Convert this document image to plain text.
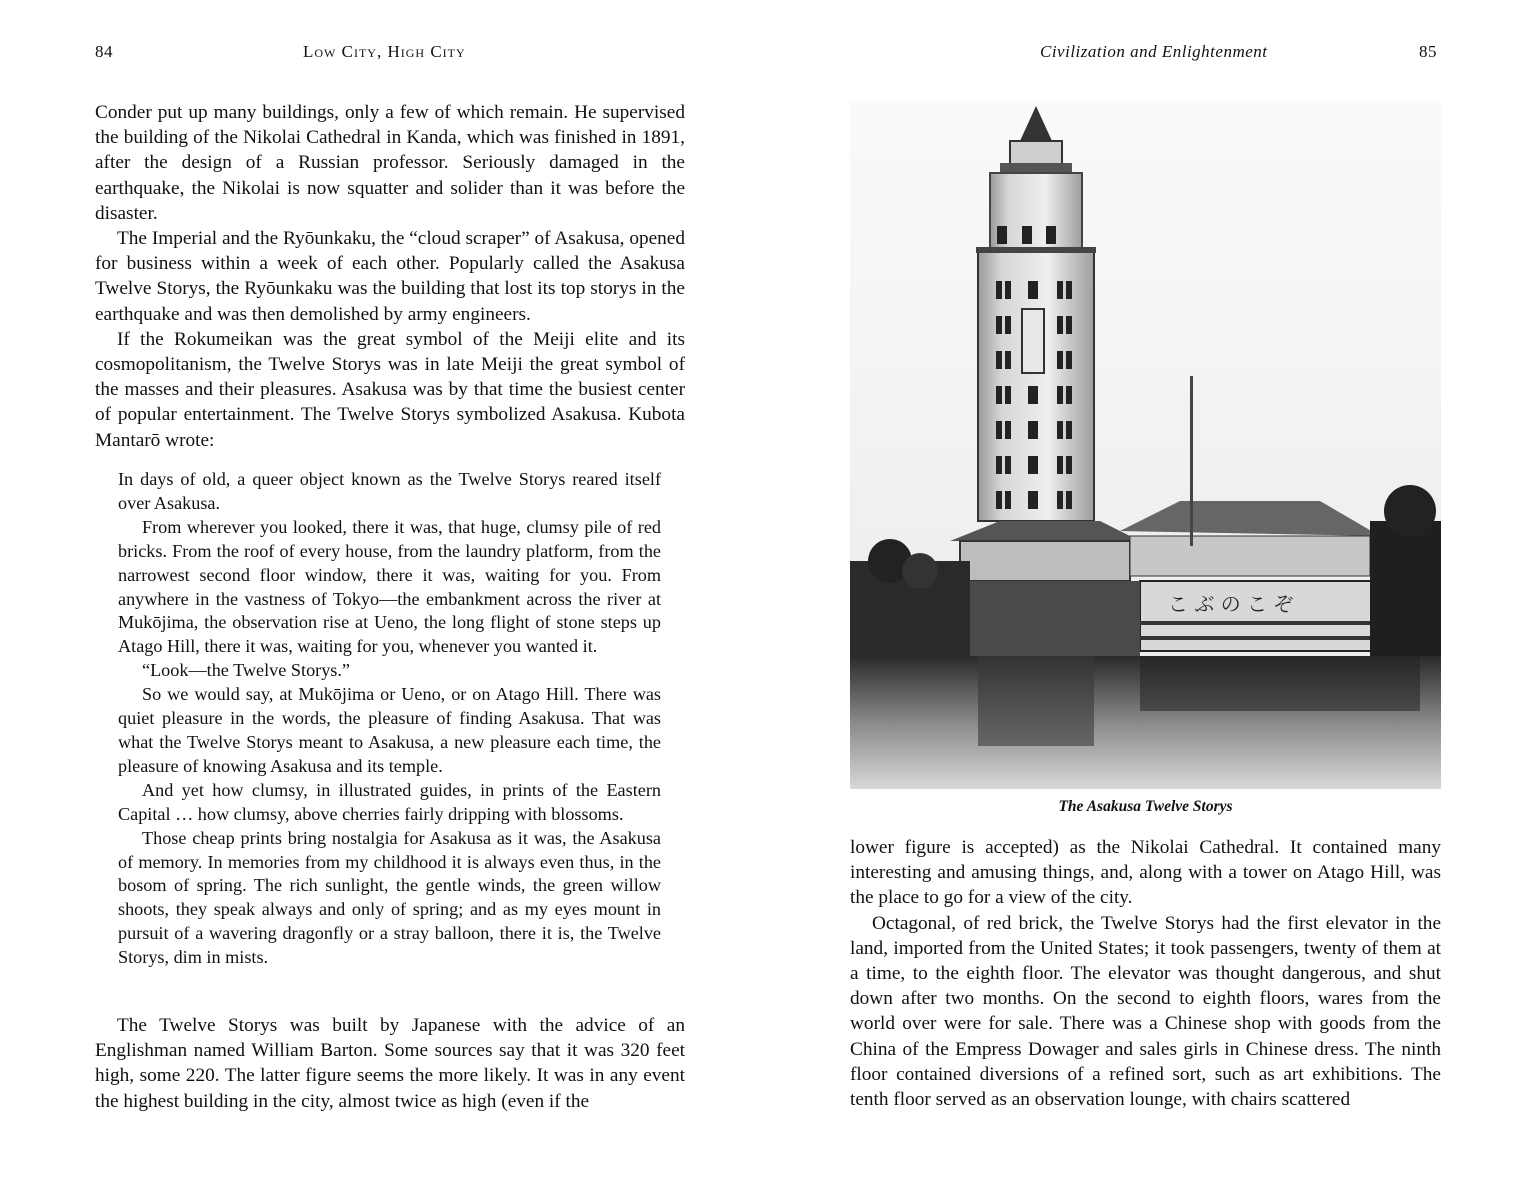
84	Low City, High City

Conder put up many buildings, only a few of which remain. He supervised the building of the Nikolai Cathedral in Kanda, which was finished in 1891, after the design of a Russian professor. Seriously damaged in the earthquake, the Nikolai is now squatter and solider than it was before the disaster.

The Imperial and the Ryōunkaku, the “cloud scraper” of Asakusa, opened for business within a week of each other. Popularly called the Asakusa Twelve Storys, the Ryōunkaku was the building that lost its top storys in the earthquake and was then demolished by army engineers.

If the Rokumeikan was the great symbol of the Meiji elite and its cosmopolitanism, the Twelve Storys was in late Meiji the great symbol of the masses and their pleasures. Asakusa was by that time the busiest center of popular entertainment. The Twelve Storys symbolized Asakusa. Kubota Mantarō wrote:

In days of old, a queer object known as the Twelve Storys reared itself over Asakusa.

From wherever you looked, there it was, that huge, clumsy pile of red bricks. From the roof of every house, from the laundry platform, from the narrowest second floor window, there it was, waiting for you. From anywhere in the vastness of Tokyo—the embankment across the river at Mukōjima, the observation rise at Ueno, the long flight of stone steps up Atago Hill, there it was, waiting for you, whenever you wanted it.

“Look—the Twelve Storys.”

So we would say, at Mukōjima or Ueno, or on Atago Hill. There was quiet pleasure in the words, the pleasure of finding Asakusa. That was what the Twelve Storys meant to Asakusa, a new pleasure each time, the pleasure of knowing Asakusa and its temple.

And yet how clumsy, in illustrated guides, in prints of the Eastern Capital … how clumsy, above cherries fairly dripping with blossoms.

Those cheap prints bring nostalgia for Asakusa as it was, the Asakusa of memory. In memories from my childhood it is always even thus, in the bosom of spring. The rich sunlight, the gentle winds, the green willow shoots, they speak always and only of spring; and as my eyes mount in pursuit of a wavering dragonfly or a stray balloon, there it is, the Twelve Storys, dim in mists.

The Twelve Storys was built by Japanese with the advice of an Englishman named William Barton. Some sources say that it was 320 feet high, some 220. The latter figure seems the more likely. It was in any event the highest building in the city, almost twice as high (even if the

Civilization and Enlightenment	85
こ ぶ の こ ぞ
The Asakusa Twelve Storys

lower figure is accepted) as the Nikolai Cathedral. It contained many interesting and amusing things, and, along with a tower on Atago Hill, was the place to go for a view of the city.

Octagonal, of red brick, the Twelve Storys had the first elevator in the land, imported from the United States; it took passengers, twenty of them at a time, to the eighth floor. The elevator was thought dangerous, and shut down after two months. On the second to eighth floors, wares from the world over were for sale. There was a Chinese shop with goods from the China of the Empress Dowager and sales girls in Chinese dress. The ninth floor contained diversions of a refined sort, such as art exhibitions. The tenth floor served as an observation lounge, with chairs scattered
